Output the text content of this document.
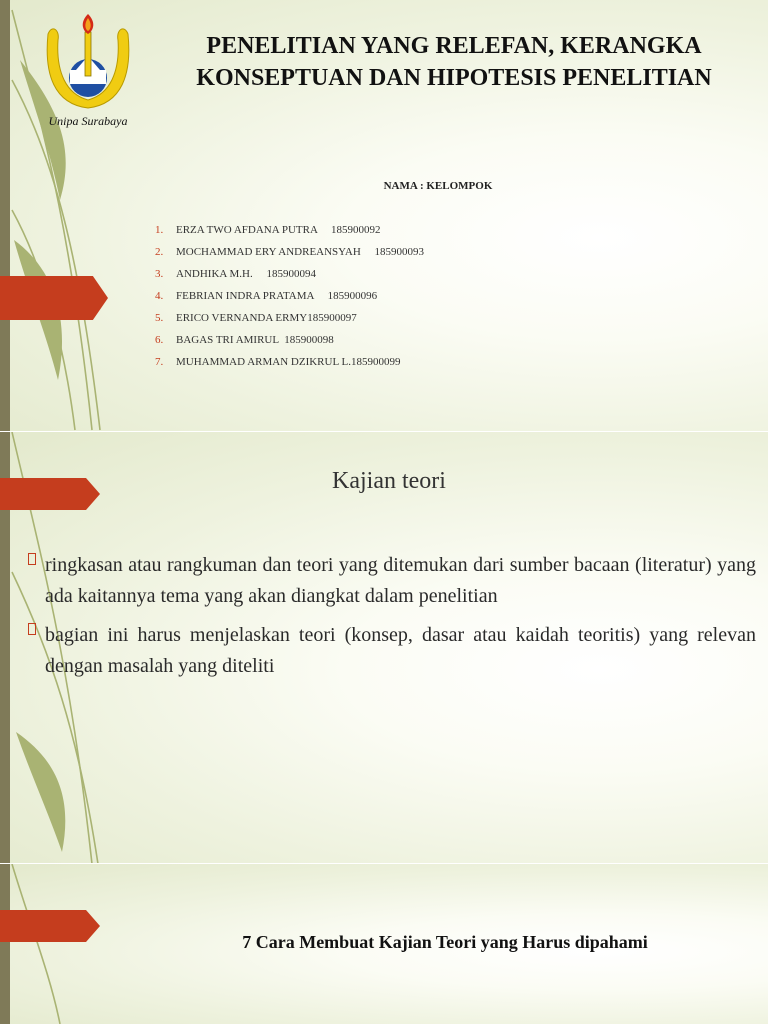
Unipa Surabaya
PENELITIAN YANG RELEFAN, KERANGKA
KONSEPTUAN DAN HIPOTESIS PENELITIAN
NAMA : KELOMPOK
1. ERZA TWO AFDANA PUTRA 185900092
2. MOCHAMMAD ERY ANDREANSYAH 185900093
3. ANDHIKA M.H. 185900094
4. FEBRIAN INDRA PRATAMA 185900096
5. ERICO VERNANDA ERMY185900097
6. BAGAS TRI AMIRUL 185900098
7. MUHAMMAD ARMAN DZIKRUL L.185900099
Kajian teori
ringkasan atau rangkuman dan teori yang ditemukan dari sumber bacaan (literatur) yang ada kaitannya tema yang akan diangkat dalam penelitian
bagian ini harus menjelaskan teori (konsep, dasar atau kaidah teoritis) yang relevan dengan masalah yang diteliti
7 Cara Membuat Kajian Teori yang Harus dipahami
